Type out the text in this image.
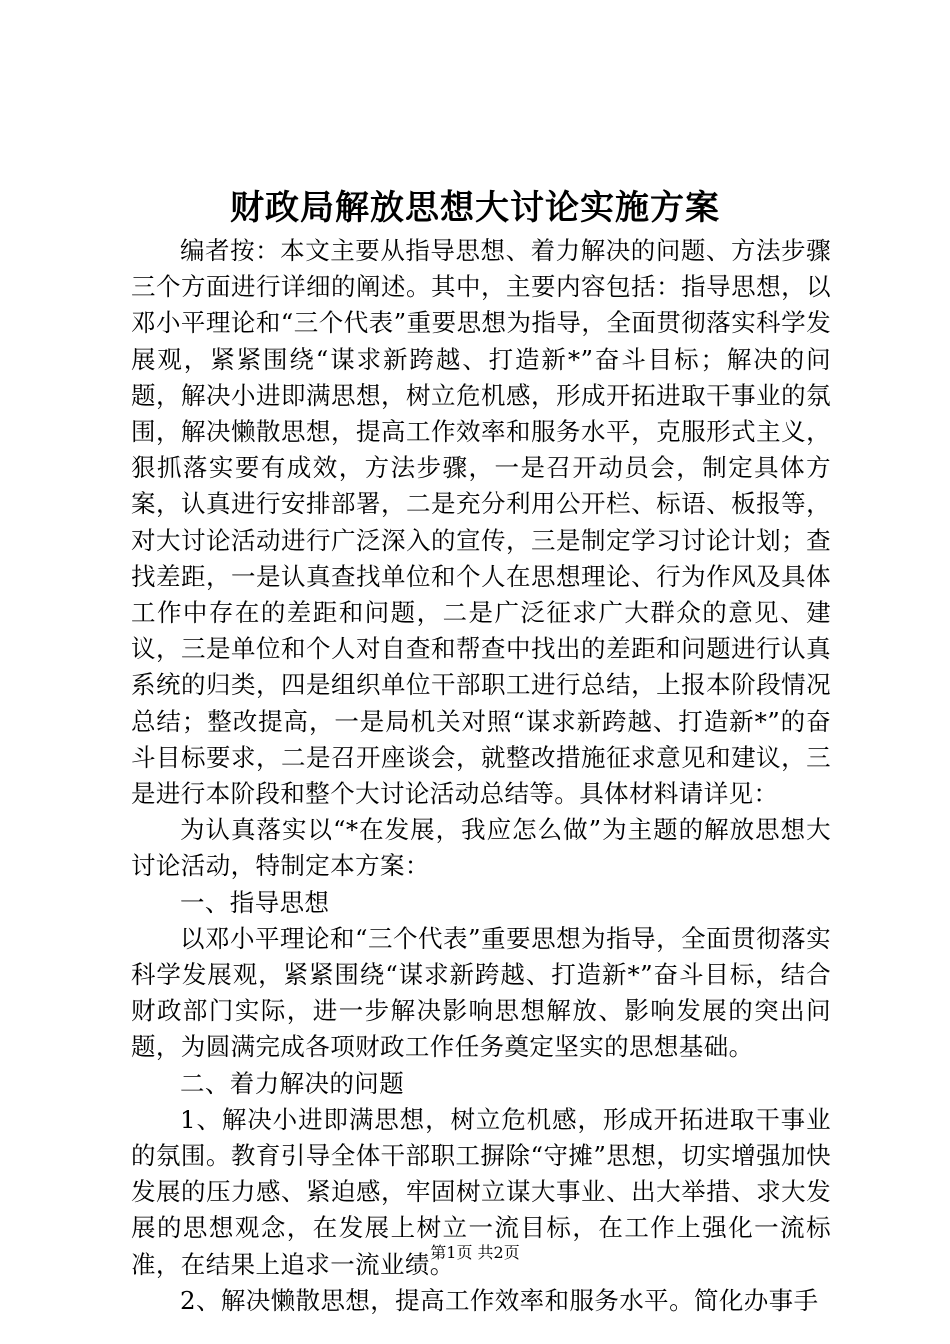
财政局解放思想大讨论实施方案

编者按：本文主要从指导思想、着力解决的问题、方法步骤三个方面进行详细的阐述。其中，主要内容包括：指导思想，以邓小平理论和“三个代表”重要思想为指导，全面贯彻落实科学发展观，紧紧围绕“谋求新跨越、打造新*”奋斗目标；解决的问题，解决小进即满思想，树立危机感，形成开拓进取干事业的氛围，解决懒散思想，提高工作效率和服务水平，克服形式主义，狠抓落实要有成效，方法步骤，一是召开动员会，制定具体方案，认真进行安排部署，二是充分利用公开栏、标语、板报等，对大讨论活动进行广泛深入的宣传，三是制定学习讨论计划；查找差距，一是认真查找单位和个人在思想理论、行为作风及具体工作中存在的差距和问题，二是广泛征求广大群众的意见、建议，三是单位和个人对自查和帮查中找出的差距和问题进行认真系统的归类，四是组织单位干部职工进行总结，上报本阶段情况总结；整改提高，一是局机关对照“谋求新跨越、打造新*”的奋斗目标要求，二是召开座谈会，就整改措施征求意见和建议，三是进行本阶段和整个大讨论活动总结等。具体材料请详见：

为认真落实以“*在发展，我应怎么做”为主题的解放思想大讨论活动，特制定本方案：

一、指导思想

以邓小平理论和“三个代表”重要思想为指导，全面贯彻落实科学发展观，紧紧围绕“谋求新跨越、打造新*”奋斗目标，结合财政部门实际，进一步解决影响思想解放、影响发展的突出问题，为圆满完成各项财政工作任务奠定坚实的思想基础。

二、着力解决的问题

1、解决小进即满思想，树立危机感，形成开拓进取干事业的氛围。教育引导全体干部职工摒除“守摊”思想，切实增强加快发展的压力感、紧迫感，牢固树立谋大事业、出大举措、求大发展的思想观念，在发展上树立一流目标，在工作上强化一流标准，在结果上追求一流业绩。

2、解决懒散思想，提高工作效率和服务水平。简化办事手

第1页 共2页
